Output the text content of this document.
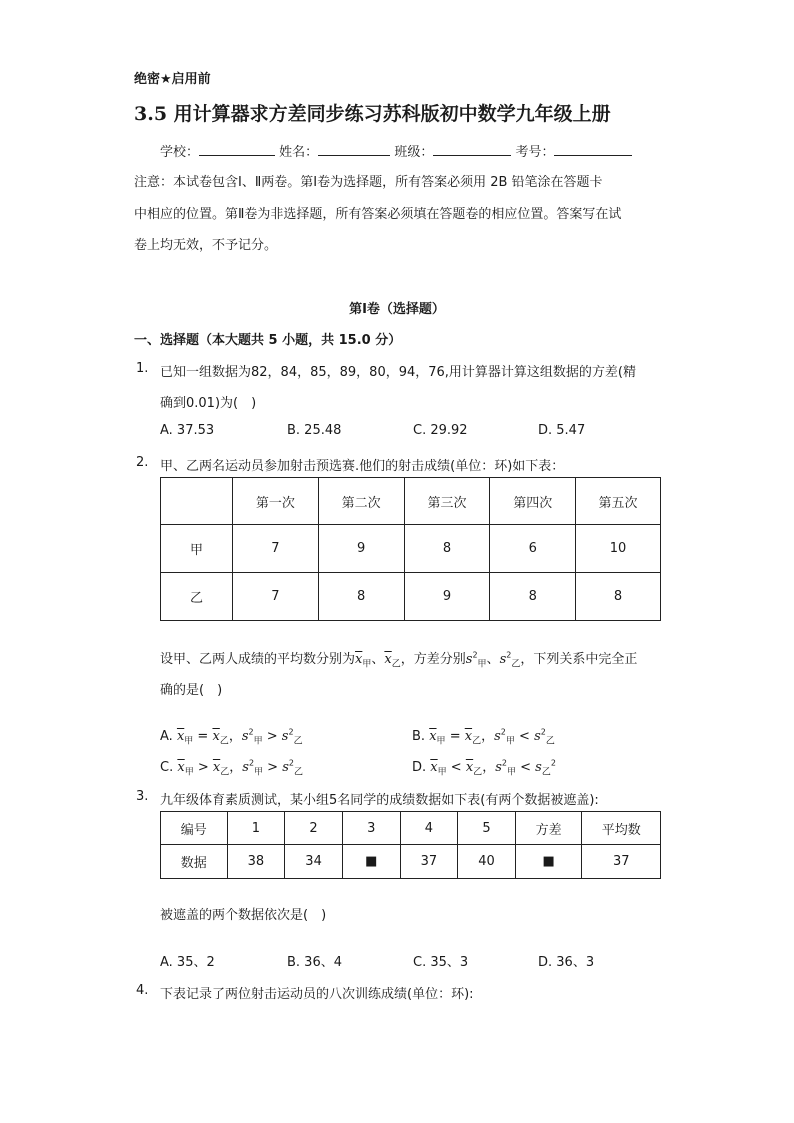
绝密★启用前
3.5 用计算器求方差同步练习苏科版初中数学九年级上册
学校：	姓名：	班级：	考号：
注意：本试卷包含Ⅰ、Ⅱ两卷。第Ⅰ卷为选择题，所有答案必须用 2B 铅笔涂在答题卡
中相应的位置。第Ⅱ卷为非选择题，所有答案必须填在答题卷的相应位置。答案写在试
卷上均无效，不予记分。
第Ⅰ卷（选择题）
一、选择题（本大题共 5 小题，共 15.0 分）
1. 已知一组数据为82，84，85，89，80，94，76,用计算器计算这组数据的方差(精
确到0.01)为(　)
A. 37.53	B. 25.48	C. 29.92	D. 5.47
2. 甲、乙两名运动员参加射击预选赛.他们的射击成绩(单位：环)如下表：
	第一次	第二次	第三次	第四次	第五次
甲	7	9	8	6	10
乙	7	8	9	8	8
设甲、乙两人成绩的平均数分别为$\overline{x}_甲$、$\overline{x}_乙$，方差分别$s^2_甲$、$s^2_乙$，下列关系中完全正
确的是(　)
A. $\overline{x}_甲 = \overline{x}_乙$，$s^2_甲 > s^2_乙$	B. $\overline{x}_甲 = \overline{x}_乙$，$s^2_甲 < s^2_乙$
C. $\overline{x}_甲 > \overline{x}_乙$，$s^2_甲 > s^2_乙$	D. $\overline{x}_甲 < \overline{x}_乙$，$s^2_甲 < s_乙^2$
3. 九年级体育素质测试，某小组5名同学的成绩数据如下表(有两个数据被遮盖):
编号	1	2	3	4	5	方差	平均数
数据	38	34	■	37	40	■	37
被遮盖的两个数据依次是(　)
A. 35、2	B. 36、4	C. 35、3	D. 36、3
4. 下表记录了两位射击运动员的八次训练成绩(单位：环):
